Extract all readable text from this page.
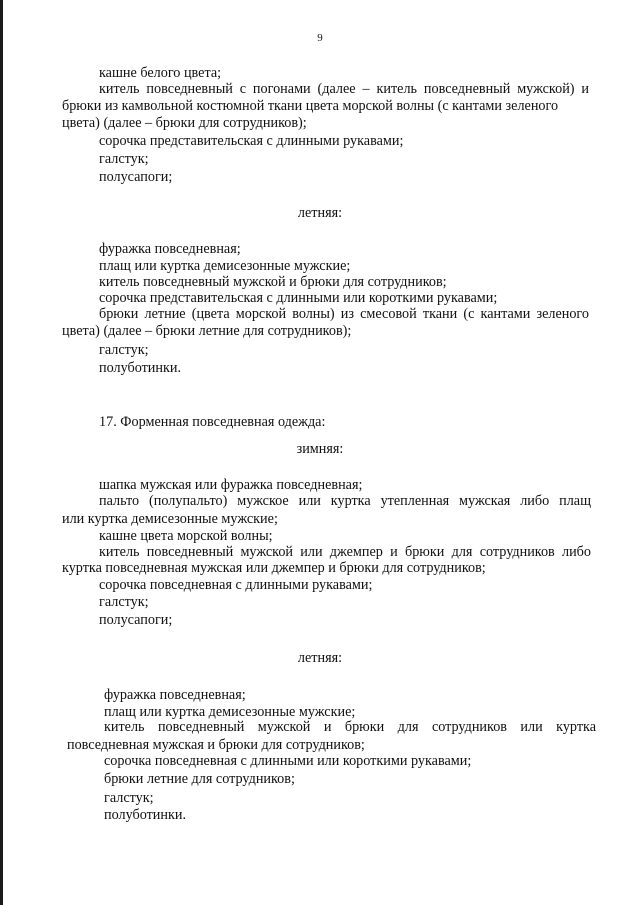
9
кашне белого цвета;
китель повседневный с погонами (далее – китель повседневный мужской) и
брюки из камвольной костюмной ткани цвета морской волны (с кантами зеленого
цвета) (далее – брюки для сотрудников);
сорочка представительская с длинными рукавами;
галстук;
полусапоги;
летняя:
фуражка повседневная;
плащ или куртка демисезонные мужские;
китель повседневный мужской и брюки для сотрудников;
сорочка представительская с длинными или короткими рукавами;
брюки летние (цвета морской волны) из смесовой ткани (с кантами зеленого
цвета) (далее – брюки летние для сотрудников);
галстук;
полуботинки.
17. Форменная повседневная одежда:
зимняя:
шапка мужская или фуражка повседневная;
пальто (полупальто) мужское или куртка утепленная мужская либо плащ
или куртка демисезонные мужские;
кашне цвета морской волны;
китель повседневный мужской или джемпер и брюки для сотрудников либо
куртка повседневная мужская или джемпер и брюки для сотрудников;
сорочка повседневная с длинными рукавами;
галстук;
полусапоги;
летняя:
фуражка повседневная;
плащ или куртка демисезонные мужские;
китель повседневный мужской и брюки для сотрудников или куртка
повседневная мужская и брюки для сотрудников;
сорочка повседневная с длинными или короткими рукавами;
брюки летние для сотрудников;
галстук;
полуботинки.
